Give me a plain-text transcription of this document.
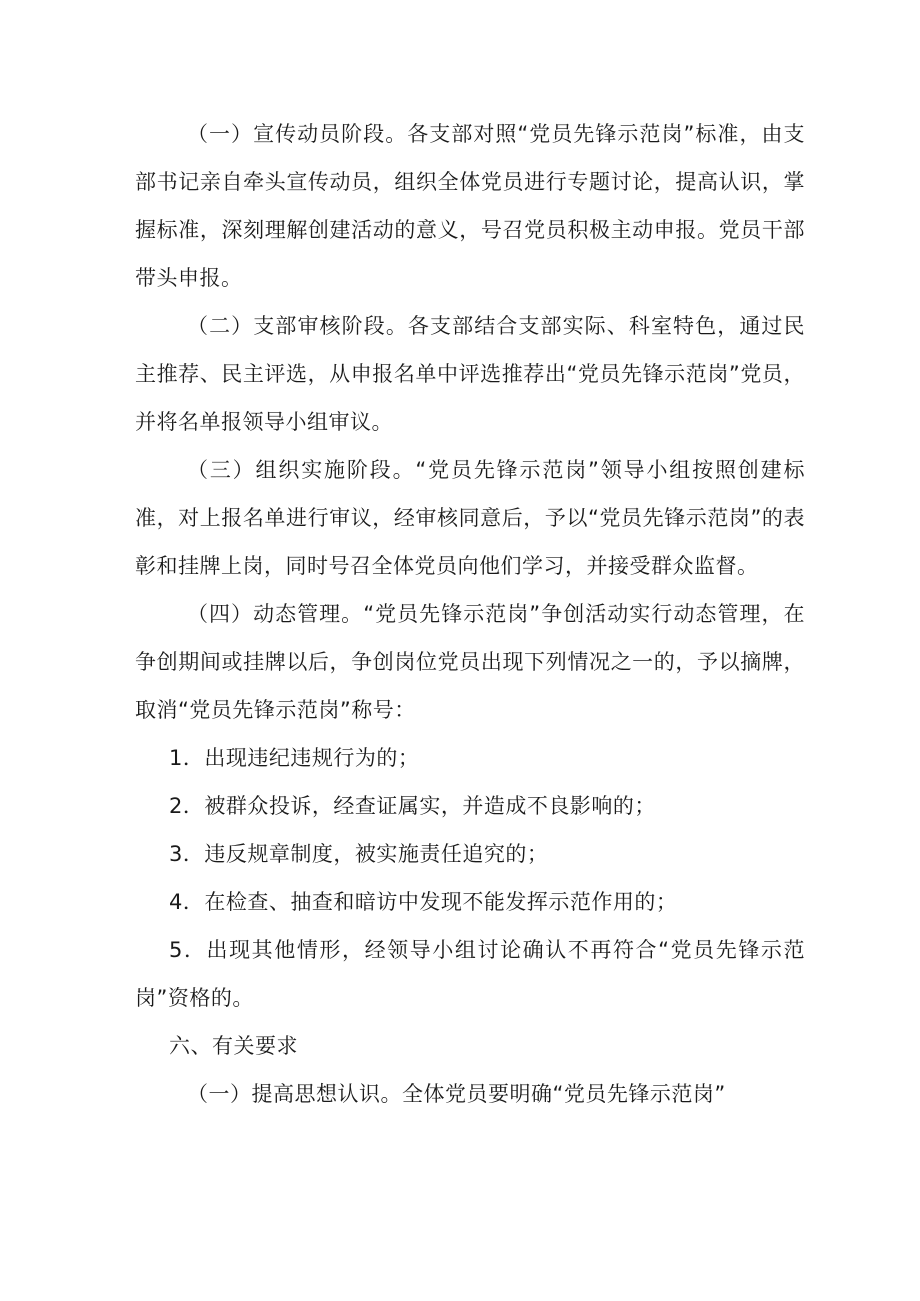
（一）宣传动员阶段。各支部对照“党员先锋示范岗”标准，由支部书记亲自牵头宣传动员，组织全体党员进行专题讨论，提高认识，掌握标准，深刻理解创建活动的意义，号召党员积极主动申报。党员干部带头申报。

（二）支部审核阶段。各支部结合支部实际、科室特色，通过民主推荐、民主评选，从申报名单中评选推荐出“党员先锋示范岗”党员，并将名单报领导小组审议。

（三）组织实施阶段。“党员先锋示范岗”领导小组按照创建标准，对上报名单进行审议，经审核同意后，予以“党员先锋示范岗”的表彰和挂牌上岗，同时号召全体党员向他们学习，并接受群众监督。

（四）动态管理。“党员先锋示范岗”争创活动实行动态管理，在争创期间或挂牌以后，争创岗位党员出现下列情况之一的，予以摘牌，取消“党员先锋示范岗”称号：

1．出现违纪违规行为的；

2．被群众投诉，经查证属实，并造成不良影响的；

3．违反规章制度，被实施责任追究的；

4．在检查、抽查和暗访中发现不能发挥示范作用的；

5．出现其他情形，经领导小组讨论确认不再符合“党员先锋示范岗”资格的。

六、有关要求

（一）提高思想认识。全体党员要明确“党员先锋示范岗”
